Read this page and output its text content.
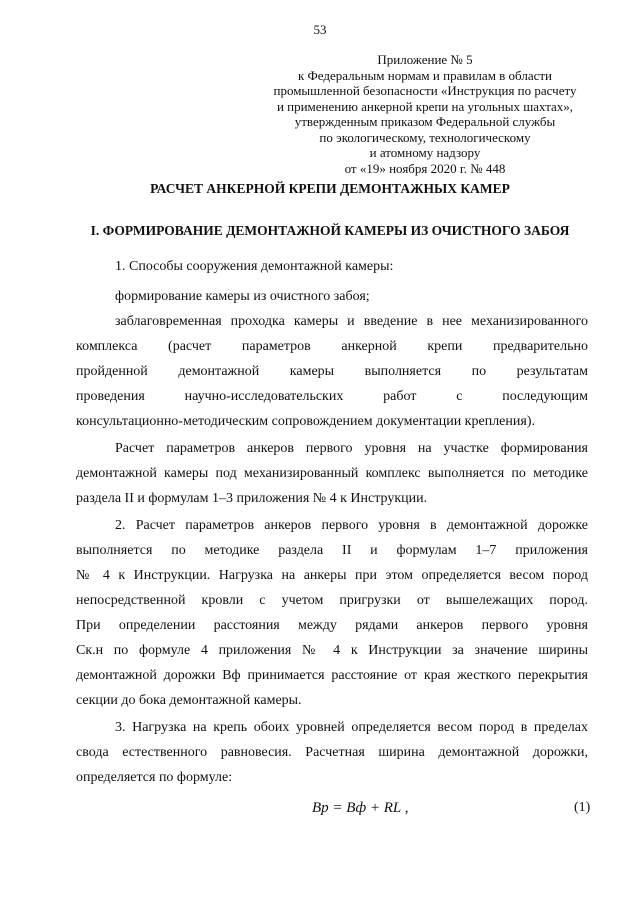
53
Приложение № 5
к Федеральным нормам и правилам в области
промышленной безопасности «Инструкция по расчету
и применению анкерной крепи на угольных шахтах»,
утвержденным приказом Федеральной службы
по экологическому, технологическому
и атомному надзору
от «19» ноября 2020 г. № 448
РАСЧЕТ АНКЕРНОЙ КРЕПИ ДЕМОНТАЖНЫХ КАМЕР
I. ФОРМИРОВАНИЕ ДЕМОНТАЖНОЙ КАМЕРЫ ИЗ ОЧИСТНОГО ЗАБОЯ
1. Способы сооружения демонтажной камеры:
формирование камеры из очистного забоя;
заблаговременная проходка камеры и введение в нее механизированного
комплекса (расчет параметров анкерной крепи предварительно
пройденной демонтажной камеры выполняется по результатам
проведения научно-исследовательских работ с последующим
консультационно-методическим сопровождением документации крепления).
Расчет параметров анкеров первого уровня на участке формирования
демонтажной камеры под механизированный комплекс выполняется по методике
раздела II и формулам 1–3 приложения № 4 к Инструкции.
2. Расчет параметров анкеров первого уровня в демонтажной дорожке
выполняется по методике раздела II и формулам 1–7 приложения
№ 4 к Инструкции. Нагрузка на анкеры при этом определяется весом пород
непосредственной кровли с учетом пригрузки от вышележащих пород.
При определении расстояния между рядами анкеров первого уровня
Cк.н по формуле 4 приложения № 4 к Инструкции за значение ширины
демонтажной дорожки Bф принимается расстояние от края жесткого перекрытия
секции до бока демонтажной камеры.
3. Нагрузка на крепь обоих уровней определяется весом пород в пределах
свода естественного равновесия. Расчетная ширина демонтажной дорожки,
определяется по формуле:
Bр = Bф + RL ,	(1)
